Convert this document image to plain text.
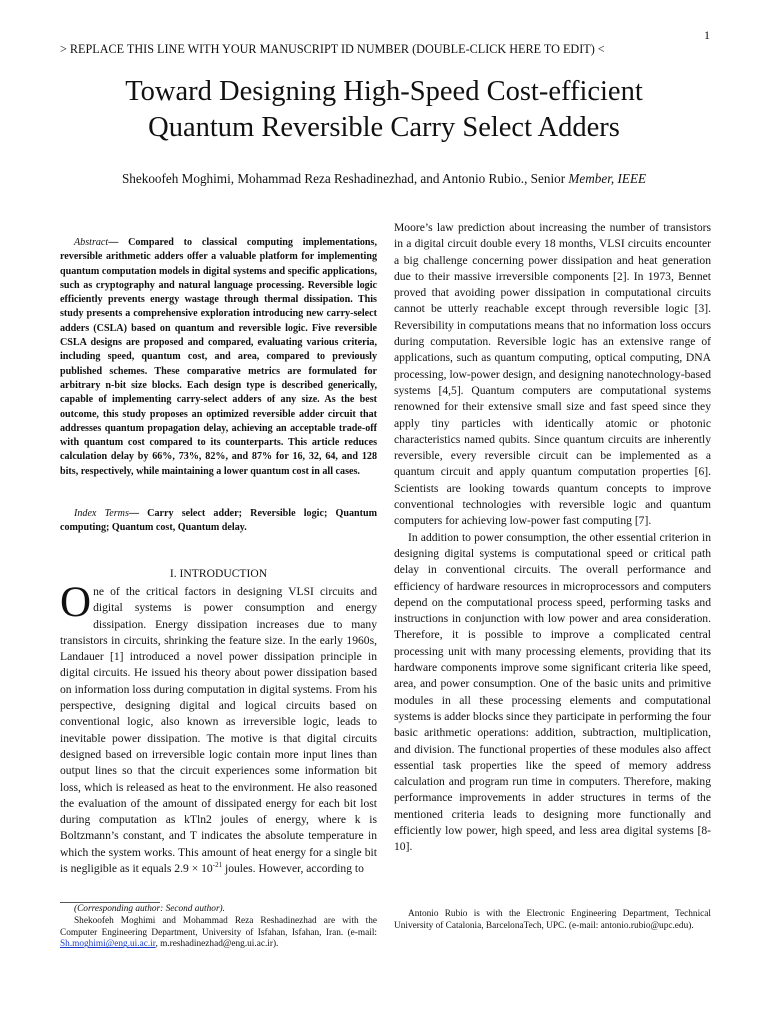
1
> REPLACE THIS LINE WITH YOUR MANUSCRIPT ID NUMBER (DOUBLE-CLICK HERE TO EDIT) <
Toward Designing High-Speed Cost-efficient
Quantum Reversible Carry Select Adders
Shekoofeh Moghimi, Mohammad Reza Reshadinezhad, and Antonio Rubio., Senior Member, IEEE

Abstract— Compared to classical computing implementations, reversible arithmetic adders offer a valuable platform for implementing quantum computation models in digital systems and specific applications, such as cryptography and natural language processing. Reversible logic efficiently prevents energy wastage through thermal dissipation. This study presents a comprehensive exploration introducing new carry-select adders (CSLA) based on quantum and reversible logic. Five reversible CSLA designs are proposed and compared, evaluating various criteria, including speed, quantum cost, and area, compared to previously published schemes. These comparative metrics are formulated for arbitrary n-bit size blocks. Each design type is described generically, capable of implementing carry-select adders of any size. As the best outcome, this study proposes an optimized reversible adder circuit that addresses quantum propagation delay, achieving an acceptable trade-off with quantum cost compared to its counterparts. This article reduces calculation delay by 66%, 73%, 82%, and 87% for 16, 32, 64, and 128 bits, respectively, while maintaining a lower quantum cost in all cases.

Index Terms— Carry select adder; Reversible logic; Quantum computing; Quantum cost, Quantum delay.

I. INTRODUCTION

One of the critical factors in designing VLSI circuits and digital systems is power consumption and energy dissipation. Energy dissipation increases due to many transistors in circuits, shrinking the feature size. In the early 1960s, Landauer [1] introduced a novel power dissipation principle in digital circuits. He issued his theory about power dissipation based on information loss during computation in digital systems. From his perspective, designing digital and logical circuits based on conventional logic, also known as irreversible logic, leads to inevitable power dissipation. The motive is that digital circuits designed based on irreversible logic contain more input lines than output lines so that the circuit experiences some information bit loss, which is released as heat to the environment. He also reasoned the evaluation of the amount of dissipated energy for each bit lost during computation as kTln2 joules of energy, where k is Boltzmann’s constant, and T indicates the absolute temperature in which the system works. This amount of heat energy for a single bit is negligible as it equals $2.9 \times 10^{-21}$ joules. However, according to

Moore’s law prediction about increasing the number of transistors in a digital circuit double every 18 months, VLSI circuits encounter a big challenge concerning power dissipation and heat generation due to their massive irreversible components [2]. In 1973, Bennet proved that avoiding power dissipation in computational circuits cannot be utterly reachable except through reversible logic [3]. Reversibility in computations means that no information loss occurs during computation. Reversible logic has an extensive range of applications, such as quantum computing, optical computing, DNA processing, low-power design, and designing nanotechnology-based systems [4,5]. Quantum computers are computational systems renowned for their extensive small size and fast speed since they apply tiny particles with identically atomic or photonic characteristics named qubits. Since quantum circuits are inherently reversible, every reversible circuit can be implemented as a quantum circuit and apply quantum computation properties [6]. Scientists are looking towards quantum concepts to improve conventional technologies with reversible logic and quantum computers for achieving low-power fast computing [7].

In addition to power consumption, the other essential criterion in designing digital systems is computational speed or critical path delay in conventional circuits. The overall performance and efficiency of hardware resources in microprocessors and computers depend on the computational process speed, performing tasks and instructions in conjunction with low power and area consideration. Therefore, it is possible to improve a complicated central processing unit with many processing elements, providing that its hardware components improve some significant criteria like speed, area, and power consumption. One of the basic units and primitive modules in all these processing elements and computational systems is adder blocks since they participate in performing the four basic arithmetic operations: addition, subtraction, multiplication, and division. The functional properties of these modules also affect essential task properties like the speed of memory address calculation and program run time in computers. Therefore, making performance improvements in adder structures in terms of the mentioned criteria leads to designing more functionally and efficiently low power, high speed, and less area digital systems [8-10].

(Corresponding author: Second author).

Shekoofeh Moghimi and Mohammad Reza Reshadinezhad are with the Computer Engineering Department, University of Isfahan, Isfahan, Iran. (e-mail: Sh.moghimi@eng.ui.ac.ir, m.reshadinezhad@eng.ui.ac.ir).

Antonio Rubio is with the Electronic Engineering Department, Technical University of Catalonia, BarcelonaTech, UPC. (e-mail: antonio.rubio@upc.edu).
